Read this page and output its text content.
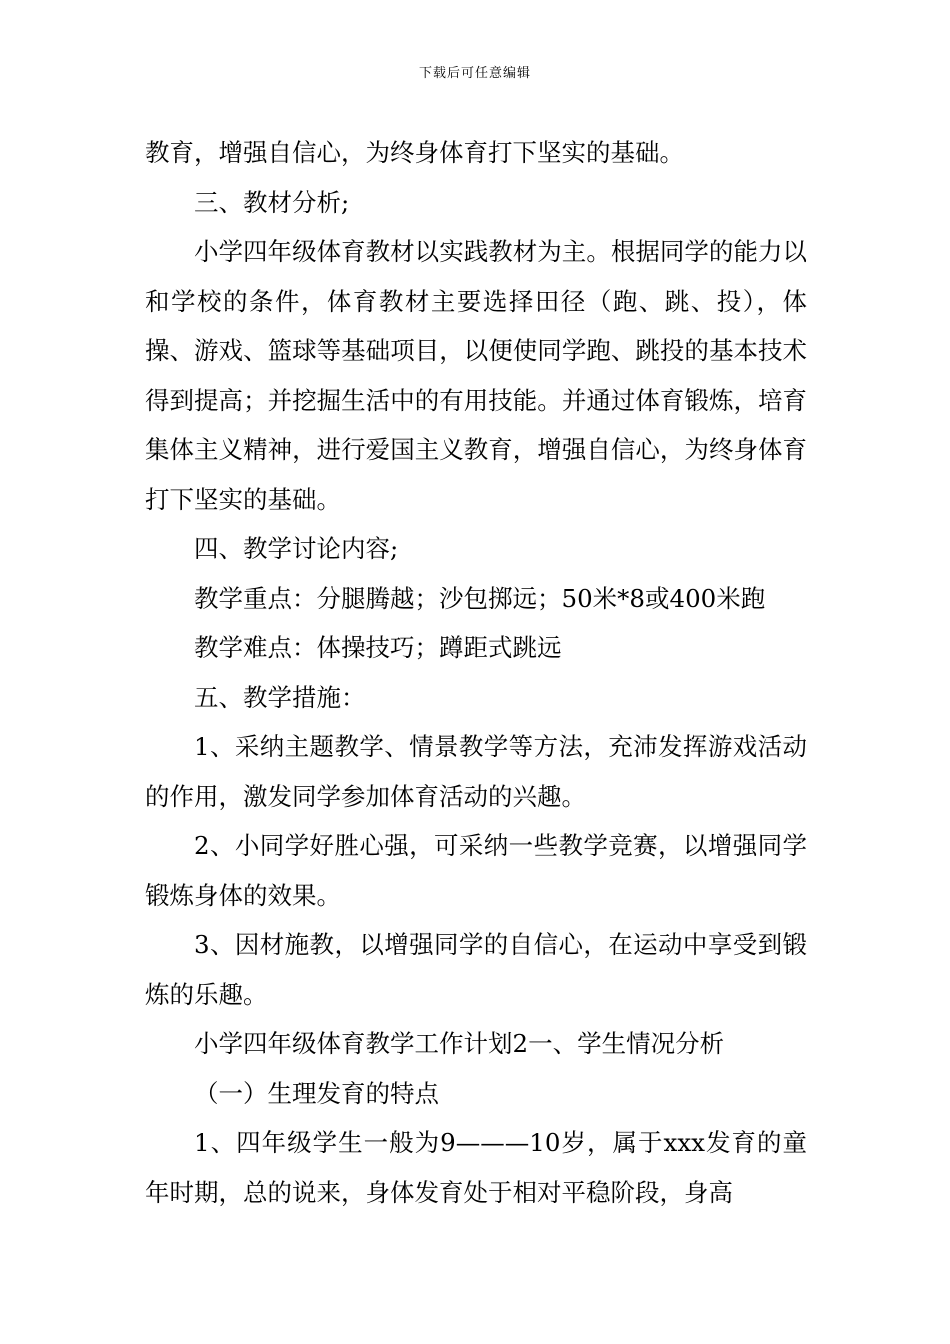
下载后可任意编辑

教育，增强自信心，为终身体育打下坚实的基础。

三、教材分析;

小学四年级体育教材以实践教材为主。根据同学的能力以和学校的条件，体育教材主要选择田径（跑、跳、投），体操、游戏、篮球等基础项目，以便使同学跑、跳投的基本技术得到提高；并挖掘生活中的有用技能。并通过体育锻炼，培育集体主义精神，进行爱国主义教育，增强自信心，为终身体育打下坚实的基础。

四、教学讨论内容;

教学重点：分腿腾越；沙包掷远；50米*8或400米跑

教学难点：体操技巧；蹲距式跳远

五、教学措施：

1、采纳主题教学、情景教学等方法，充沛发挥游戏活动的作用，激发同学参加体育活动的兴趣。

2、小同学好胜心强，可采纳一些教学竞赛，以增强同学锻炼身体的效果。

3、因材施教，以增强同学的自信心，在运动中享受到锻炼的乐趣。

小学四年级体育教学工作计划2一、学生情况分析

（一）生理发育的特点

1、四年级学生一般为9———10岁，属于xxx发育的童年时期，总的说来，身体发育处于相对平稳阶段，身高
